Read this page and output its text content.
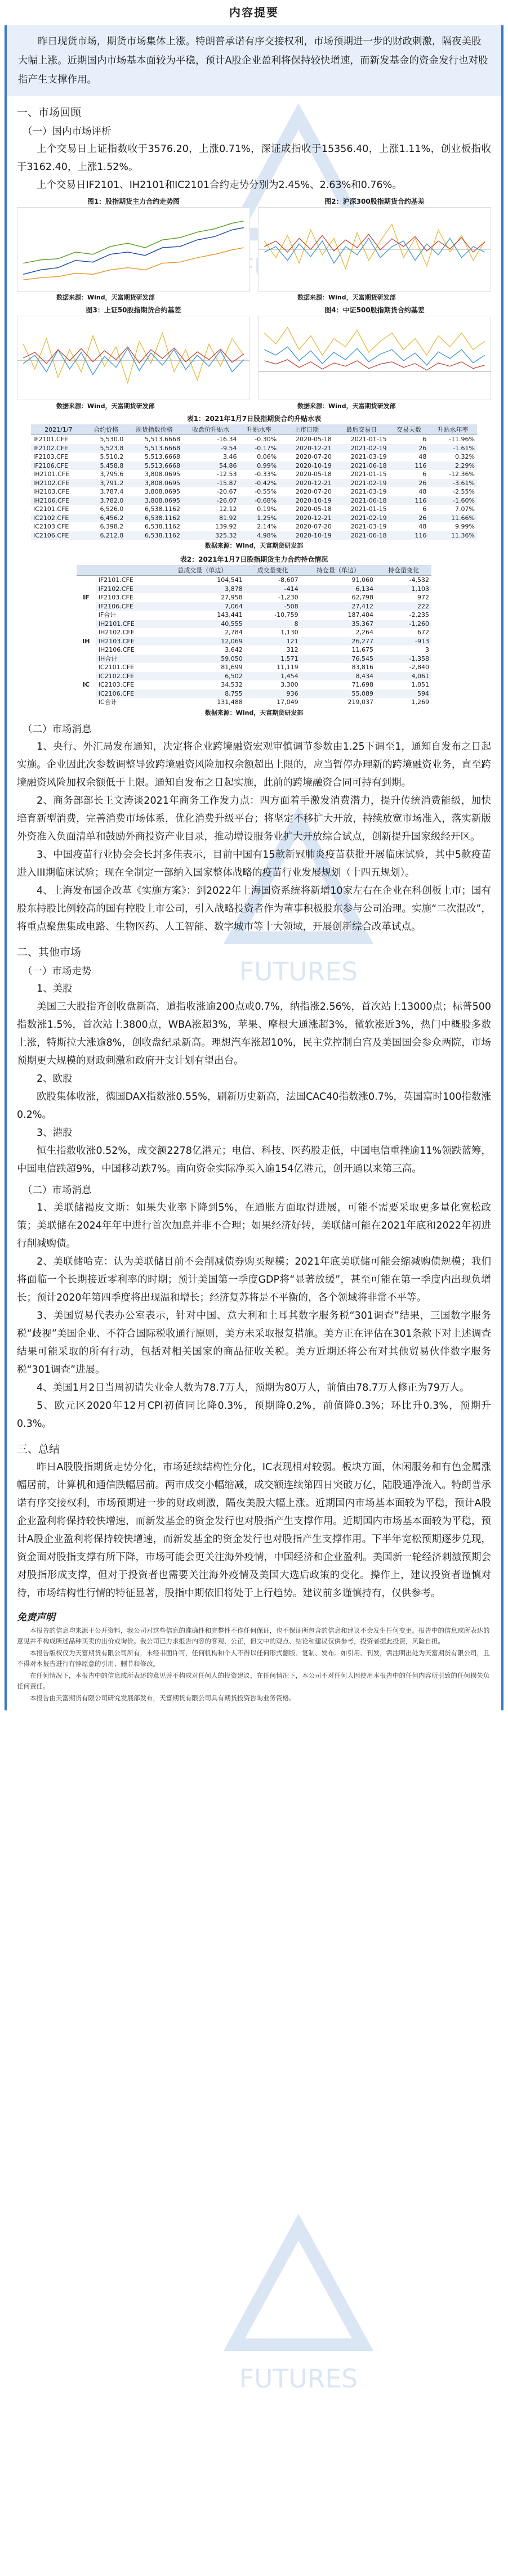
FUTURES
FUTURES
FUTURES
内容提要
昨日现货市场，期货市场集体上涨。特朗普承诺有序交接权利，市场预期进一步的财政刺激，隔夜美股大幅上涨。近期国内市场基本面较为平稳，预计A股企业盈利将保持较快增速，而新发基金的资金发行也对股指产生支撑作用。
一、市场回顾
（一）国内市场评析

上个交易日上证指数收于3576.20，上涨0.71%，深证成指收于15356.40，上涨1.11%，创业板指收于3162.40，上涨1.52%。

上个交易日IF2101、IH2101和IC2101合约走势分别为2.45%、2.63%和0.76%。

图1：股指期货主力合约走势图
数据来源：Wind，天富期货研发部
图2：沪深300股指期货合约基差
数据来源：Wind，天富期货研发部
图3：上证50股指期货合约基差
数据来源：Wind，天富期货研发部
图4：中证500股指期货合约基差
数据来源：Wind，天富期货研发部
表1：2021年1月7日股指期货合约升贴水表
2021/1/7	合约价格	现货指数价格	收盘价升贴水	升贴水率	上市日期	最后交易日	交易天数	升贴水年率
IF2101.CFE	5,530.0	5,513.6668	-16.34	-0.30%	2020-05-18	2021-01-15	6	-11.96%
IF2102.CFE	5,523.8	5,513.6668	-9.54	-0.17%	2020-12-21	2021-02-19	26	-1.61%
IF2103.CFE	5,510.2	5,513.6668	3.46	0.06%	2020-07-20	2021-03-19	48	0.32%
IF2106.CFE	5,458.8	5,513.6668	54.86	0.99%	2020-10-19	2021-06-18	116	2.29%
IH2101.CFE	3,795.6	3,808.0695	-12.53	-0.33%	2020-05-18	2021-01-15	6	-12.36%
IH2102.CFE	3,791.2	3,808.0695	-15.87	-0.42%	2020-12-21	2021-02-19	26	-3.61%
IH2103.CFE	3,787.4	3,808.0695	-20.67	-0.55%	2020-07-20	2021-03-19	48	-2.55%
IH2106.CFE	3,782.0	3,808.0695	-26.07	-0.68%	2020-10-19	2021-06-18	116	-1.60%
IC2101.CFE	6,526.0	6,538.1162	12.12	0.19%	2020-05-18	2021-01-15	6	7.07%
IC2102.CFE	6,456.2	6,538.1162	81.92	1.25%	2020-12-21	2021-02-19	26	11.66%
IC2103.CFE	6,398.2	6,538.1162	139.92	2.14%	2020-07-20	2021-03-19	48	9.99%
IC2106.CFE	6,212.8	6,538.1162	325.32	4.98%	2020-10-19	2021-06-18	116	11.36%
数据来源：Wind，天富期货研发部
表2：2021年1月7日股指期货主力合约持仓情况
		总成交量（单边）	成交量变化	持仓量（单边）	持仓量变化
IF	IF2101.CFE	104,541	-8,607	91,060	-4,532
	IF2102.CFE	3,878	-414	6,134	1,103
	IF2103.CFE	27,958	-1,230	62,798	972
	IF2106.CFE	7,064	-508	27,412	222
	IF合计	143,441	-10,759	187,404	-2,235
IH	IH2101.CFE	40,555	8	35,367	-1,260
	IH2102.CFE	2,784	1,130	2,264	672
	IH2103.CFE	12,069	121	26,277	-913
	IH2106.CFE	3,642	312	11,675	3
	IH合计	59,050	1,571	76,545	-1,358
IC	IC2101.CFE	81,699	11,119	83,816	-2,840
	IC2102.CFE	6,502	1,454	8,434	4,061
	IC2103.CFE	34,532	3,300	71,698	1,051
	IC2106.CFE	8,755	936	55,089	594
	IC合计	131,488	17,049	219,037	1,269
数据来源：Wind，天富期货研发部
（二）市场消息

1、央行、外汇局发布通知，决定将企业跨境融资宏观审慎调节参数由1.25下调至1，通知自发布之日起实施。企业因此次参数调整导致跨境融资风险加权余额超出上限的，应当暂停办理新的跨境融资业务，直至跨境融资风险加权余额低于上限。通知自发布之日起实施，此前的跨境融资合同可持有到期。

2、商务部部长王文涛谈2021年商务工作发力点：四方面着手激发消费潜力，提升传统消费能级，加快培育新型消费，完善消费市场体系，优化消费升级平台；将坚定不移扩大开放，持续放宽市场准入，落实新版外资准入负面清单和鼓励外商投资产业目录，推动增设服务业扩大开放综合试点，创新提升国家级经开区。

3、中国疫苗行业协会会长封多佳表示，目前中国有15款新冠肺炎疫苗获批开展临床试验，其中5款疫苗进入III期临床试验；现在全制定一部纳入国家整体战略的疫苗行业发展规划（十四五规划）。

4、上海发布国企改革《实施方案》：到2022年上海国资系统将新增10家左右在企业在科创板上市；国有股东持股比例较高的国有控股上市公司，引入战略投资者作为董事积极股东参与公司治理。实施“二次混改”，将重点聚焦集成电路、生物医药、人工智能、数字城市等十大领域，开展创新综合改革试点。

二、其他市场
（一）市场走势

1、美股

美国三大股指齐创收盘新高，道指收涨逾200点或0.7%，纳指涨2.56%，首次站上13000点；标普500指数涨1.5%，首次站上3800点，WBA涨超3%，苹果、摩根大通涨超3%，微软涨近3%，热门中概股多数上涨，特斯拉大涨逾8%，创收盘纪录新高。理想汽车涨超10%，民主党控制白宫及美国国会参众两院，市场预期更大规模的财政刺激和政府开支计划有望出台。

2、欧股

欧股集体收涨，德国DAX指数涨0.55%，刷新历史新高，法国CAC40指数涨0.7%，英国富时100指数涨0.2%。

3、港股

恒生指数收涨0.52%，成交额2278亿港元；电信、科技、医药股走低，中国电信重挫逾11%领跌蓝筹，中国电信跌超9%，中国移动跌7%。南向资金实际净买入逾154亿港元，创开通以来第三高。

（二）市场消息

1、美联储褐皮文斯：如果失业率下降到5%，在通胀方面取得进展，可能不需要采取更多量化宽松政策；美联储在2024年年中进行首次加息并非不合理；如果经济好转，美联储可能在2021年底和2022年初进行削减购债。

2、美联储哈克：认为美联储目前不会削减债券购买规模；2021年底美联储可能会缩减购债规模；我们将面临一个长期接近零利率的时期；预计美国第一季度GDP将“显著放缓”，甚至可能在第一季度内出现负增长；预计2020年第四季度将出现温和增长；经济复苏将是不平衡的，各个领域将非常不平等。

3、美国贸易代表办公室表示，针对中国、意大利和土耳其数字服务税“301调查”结果，三国数字服务税“歧视”美国企业、不符合国际税收通行原则，美方未采取报复措施。美方正在评估在301条款下对上述调查结果可能采取的所有行动，包括对相关国家的商品征收关税。美方近期还将公布对其他贸易伙伴数字服务税“301调查”进展。

4、美国1月2日当周初请失业金人数为78.7万人，预期为80万人，前值由78.7万人修正为79万人。

5、欧元区2020年12月CPI初值同比降0.3%，预期降0.2%，前值降0.3%；环比升0.3%，预期升0.3%。

三、总结

昨日A股股指期货走势分化，市场延续结构性分化，IC表现相对较弱。板块方面，休闲服务和有色金属涨幅居前，计算机和通信跌幅居前。两市成交小幅缩减，成交额连续第四日突破万亿，陆股通净流入。特朗普承诺有序交接权利，市场预期进一步的财政刺激，隔夜美股大幅上涨。近期国内市场基本面较为平稳，预计A股企业盈利将保持较快增速，而新发基金的资金发行也对股指产生支撑作用。近期国内市场基本面较为平稳，预计A股企业盈利将保持较快增速，而新发基金的资金发行也对股指产生支撑作用。下半年宽松预期逐步兑现，资金面对股指支撑有所下降，市场可能会更关注海外疫情，中国经济和企业盈利。美国新一轮经济刺激预期会对股指形成支撑，但对于投资者也需要关注海外疫情及美国大选后政策的变化。操作上，建议投资者谨慎对待，市场结构性行情的特征显著，股指中期依旧将处于上行趋势。建议前多谨慎持有，仅供参考。

免责声明

本报告的信息均来源于公开资料，我公司对这些信息的准确性和完整性不作任何保证，也不保证所包含的信息和建议不会发生任何变更。报告中的信息或所表达的意见并不构成所述品种买卖的出价或询价。我公司已力求报告内容的客观、公正，但文中的观点、结论和建议仅供参考，投资者据此投资，风险自担。

本报告版权仅为天富期货有限公司所有，未经书面许可，任何机构和个人不得以任何形式翻版、复制、发布。如引用、刊发，需注明出处为天富期货有限公司，且不得对本报告进行有悖原意的引用、删节和修改。

在任何情况下，本报告中的信息或所表述的意见并不构成对任何人的投资建议，在任何情况下，本公司不对任何人因使用本报告中的任何内容所引致的任何损失负任何责任。

本报告由天富期货有限公司研究发展部发布，天富期货有限公司具有期货投资咨询业务资格。
